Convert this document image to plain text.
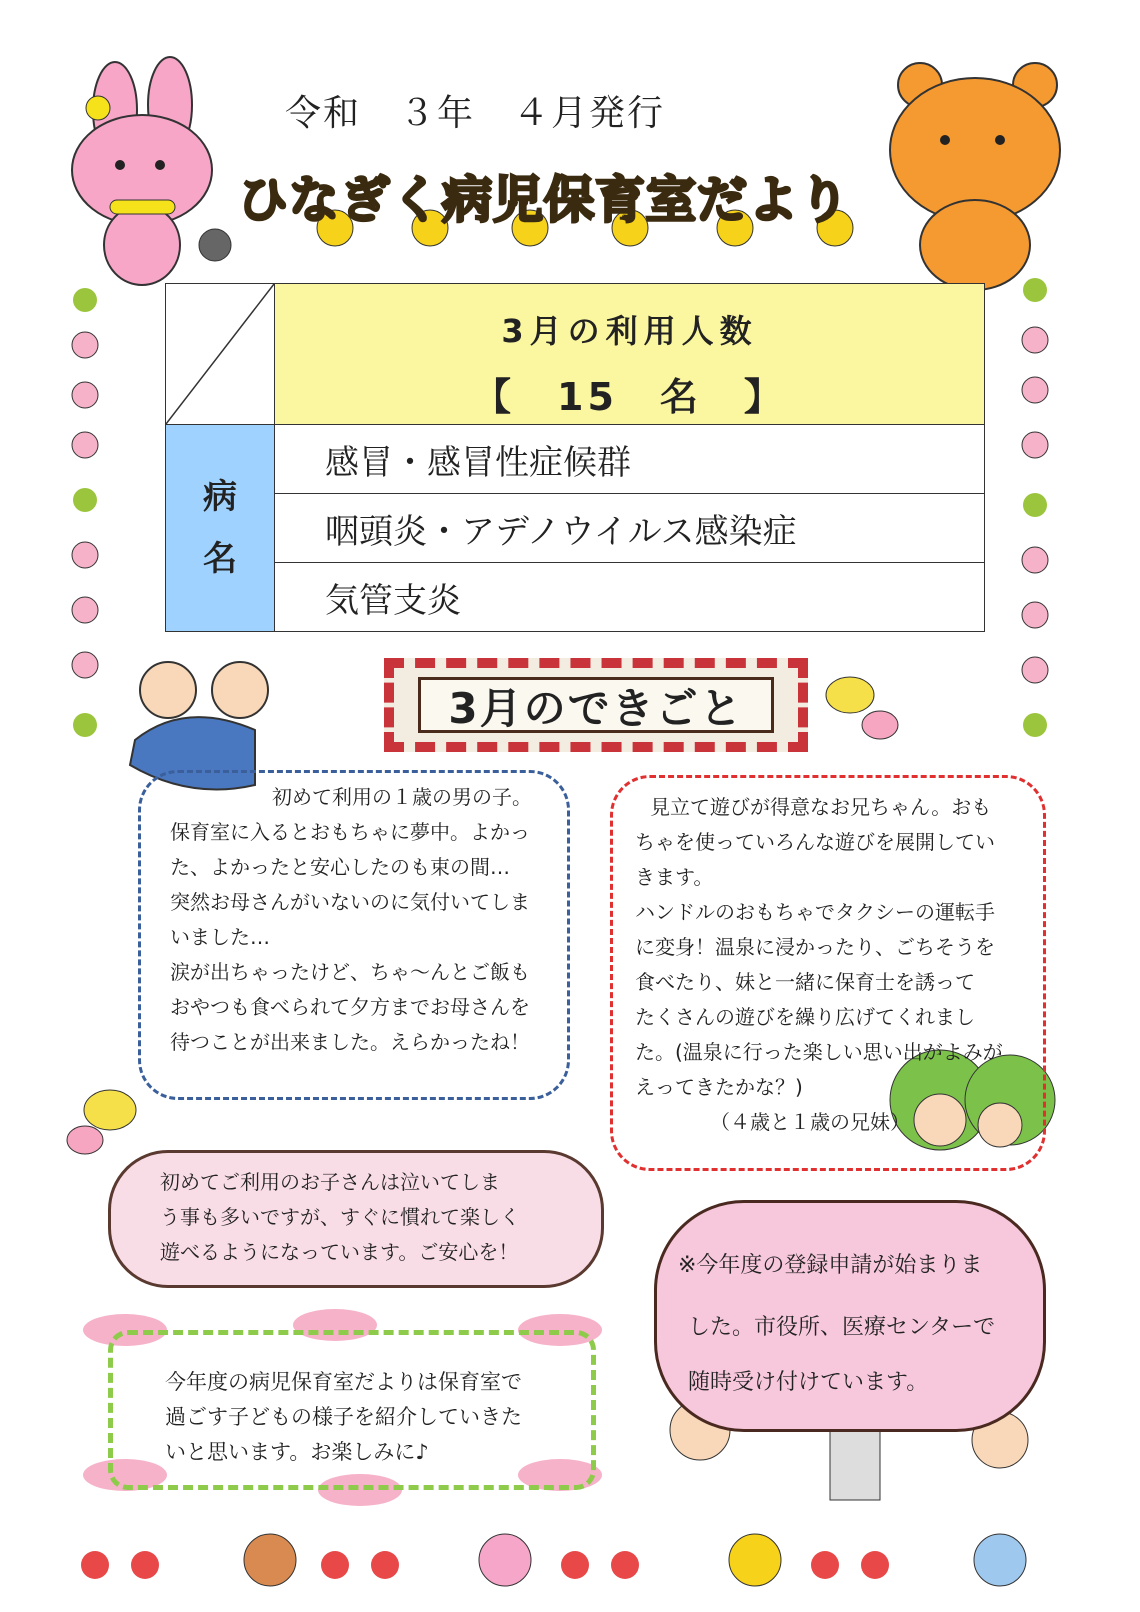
令和　３年　４月発行
ひなぎく病児保育室だより

3月の利用人数
【　15　名　】

病
名	感冒・感冒性症候群
	咽頭炎・アデノウイルス感染症
	気管支炎
3月のできごと
初めて利用の１歳の男の子。
保育室に入るとおもちゃに夢中。よかっ
た、よかったと安心したのも束の間…
突然お母さんがいないのに気付いてしま
いました…
涙が出ちゃったけど、ちゃ～んとご飯も
おやつも食べられて夕方までお母さんを
待つことが出来ました。えらかったね！
見立て遊びが得意なお兄ちゃん。おも
ちゃを使っていろんな遊びを展開してい
きます。
ハンドルのおもちゃでタクシーの運転手
に変身！温泉に浸かったり、ごちそうを
食べたり、妹と一緒に保育士を誘って
たくさんの遊びを繰り広げてくれまし
た。(温泉に行った楽しい思い出がよみが
えってきたかな？)
（４歳と１歳の兄妹）
初めてご利用のお子さんは泣いてしま
う事も多いですが、すぐに慣れて楽しく
遊べるようになっています。ご安心を！
※今年度の登録申請が始まりま
した。市役所、医療センターで
随時受け付けています。
今年度の病児保育室だよりは保育室で
過ごす子どもの様子を紹介していきた
いと思います。お楽しみに♪
